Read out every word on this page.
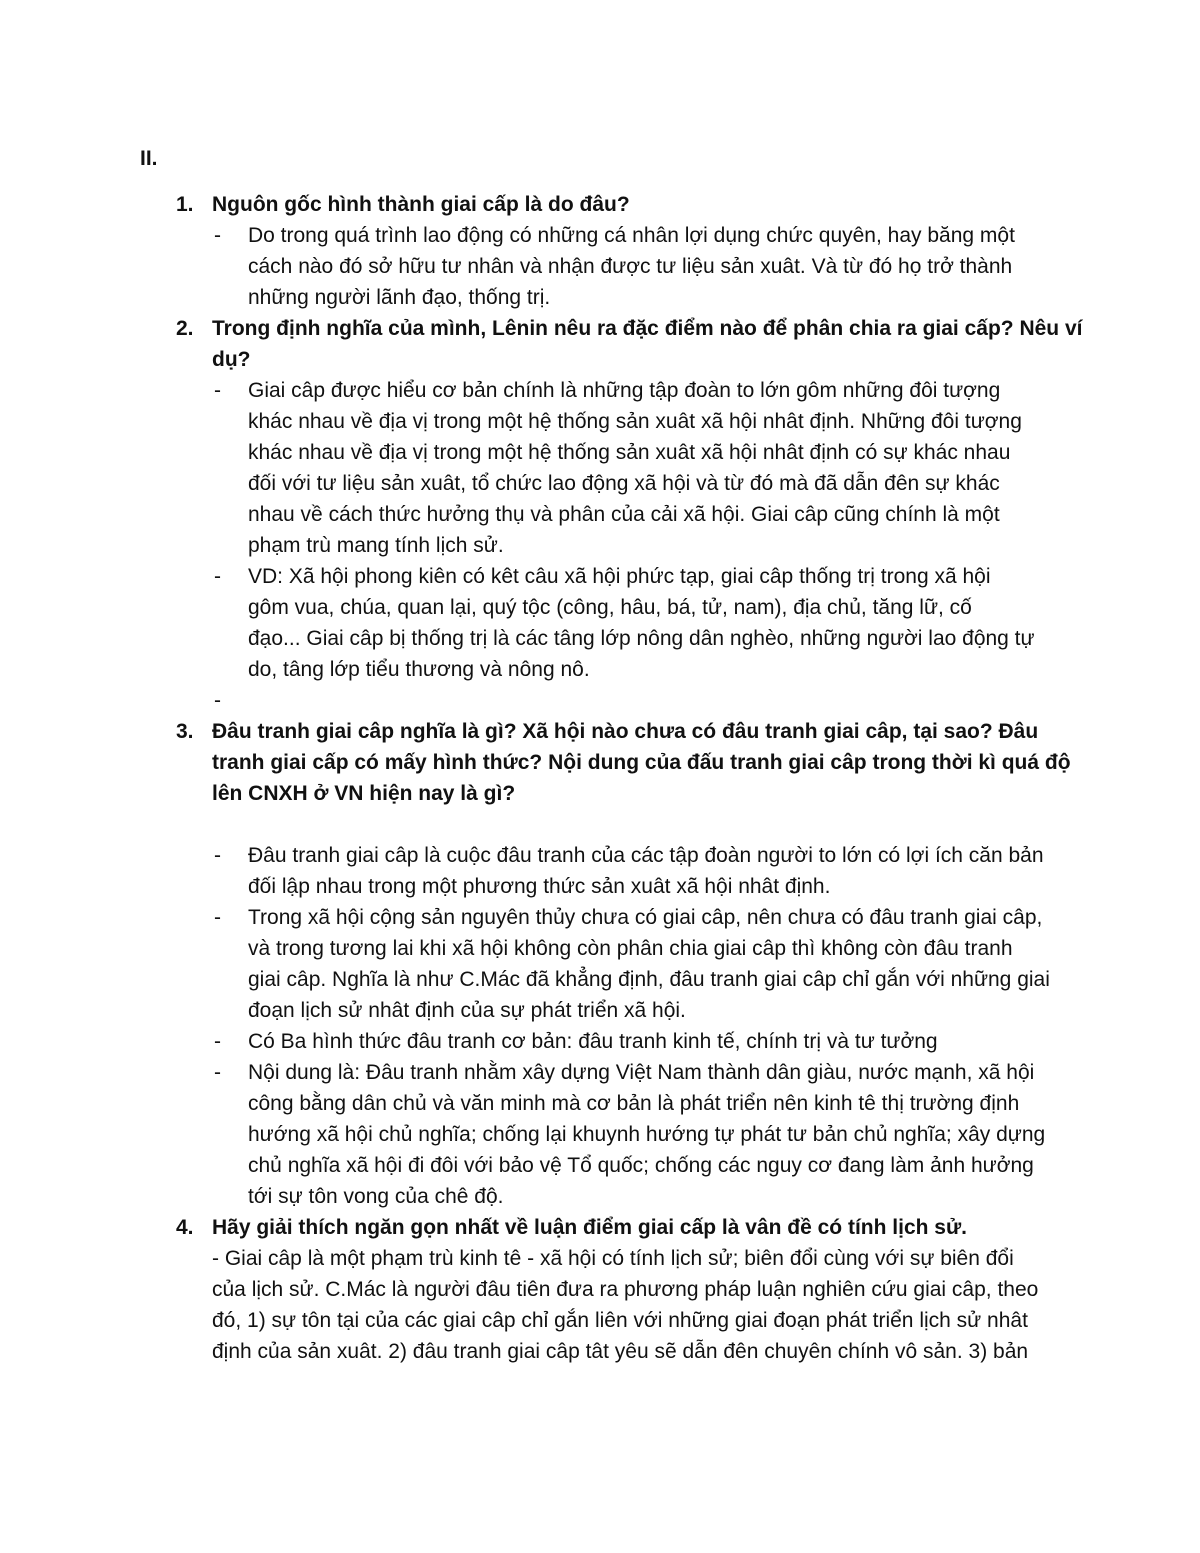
II.
1. Nguôn gốc hình thành giai cấp là do đâu?
- Do trong quá trình lao động có những cá nhân lợi dụng chức quyên, hay băng một
cách nào đó sở hữu tư nhân và nhận được tư liệu sản xuât. Và từ đó họ trở thành
những người lãnh đạo, thống trị.
2. Trong định nghĩa của mình, Lênin nêu ra đặc điểm nào để phân chia ra giai cấp? Nêu ví
dụ?
- Giai câp được hiểu cơ bản chính là những tập đoàn to lớn gôm những đôi tượng
khác nhau về địa vị trong một hệ thống sản xuât xã hội nhât định. Những đôi tượng
khác nhau về địa vị trong một hệ thống sản xuât xã hội nhât định có sự khác nhau
đối với tư liệu sản xuât, tổ chức lao động xã hội và từ đó mà đã dẫn đên sự khác
nhau về cách thức hưởng thụ và phân của cải xã hội. Giai câp cũng chính là một
phạm trù mang tính lịch sử.
- VD: Xã hội phong kiên có kêt câu xã hội phức tạp, giai câp thống trị trong xã hội
gôm vua, chúa, quan lại, quý tộc (công, hâu, bá, tử, nam), địa chủ, tăng lữ, cố
đạo... Giai câp bị thống trị là các tâng lớp nông dân nghèo, những người lao động tự
do, tâng lớp tiểu thương và nông nô.
-
3. Đâu tranh giai câp nghĩa là gì? Xã hội nào chưa có đâu tranh giai câp, tại sao? Đâu
tranh giai cấp có mấy hình thức? Nội dung của đấu tranh giai câp trong thời kì quá độ
lên CNXH ở VN hiện nay là gì?
- Đâu tranh giai câp là cuộc đâu tranh của các tập đoàn người to lớn có lợi ích căn bản
đối lập nhau trong một phương thức sản xuât xã hội nhât định.
- Trong xã hội cộng sản nguyên thủy chưa có giai câp, nên chưa có đâu tranh giai câp,
và trong tương lai khi xã hội không còn phân chia giai câp thì không còn đâu tranh
giai câp. Nghĩa là như C.Mác đã khẳng định, đâu tranh giai câp chỉ gắn với những giai
đoạn lịch sử nhât định của sự phát triển xã hội.
- Có Ba hình thức đâu tranh cơ bản: đâu tranh kinh tế, chính trị và tư tưởng
- Nội dung là: Đâu tranh nhằm xây dựng Việt Nam thành dân giàu, nước mạnh, xã hội
công bằng dân chủ và văn minh mà cơ bản là phát triển nên kinh tê thị trường định
hướng xã hội chủ nghĩa; chống lại khuynh hướng tự phát tư bản chủ nghĩa; xây dựng
chủ nghĩa xã hội đi đôi với bảo vệ Tổ quốc; chống các nguy cơ đang làm ảnh hưởng
tới sự tôn vong của chê độ.
4. Hãy giải thích ngăn gọn nhất về luận điểm giai cấp là vân đề có tính lịch sử.
- Giai câp là một phạm trù kinh tê - xã hội có tính lịch sử; biên đổi cùng với sự biên đổi
của lịch sử. C.Mác là người đâu tiên đưa ra phương pháp luận nghiên cứu giai câp, theo
đó, 1) sự tôn tại của các giai câp chỉ gắn liên với những giai đoạn phát triển lịch sử nhât
định của sản xuât. 2) đâu tranh giai câp tât yêu sẽ dẫn đên chuyên chính vô sản. 3) bản
